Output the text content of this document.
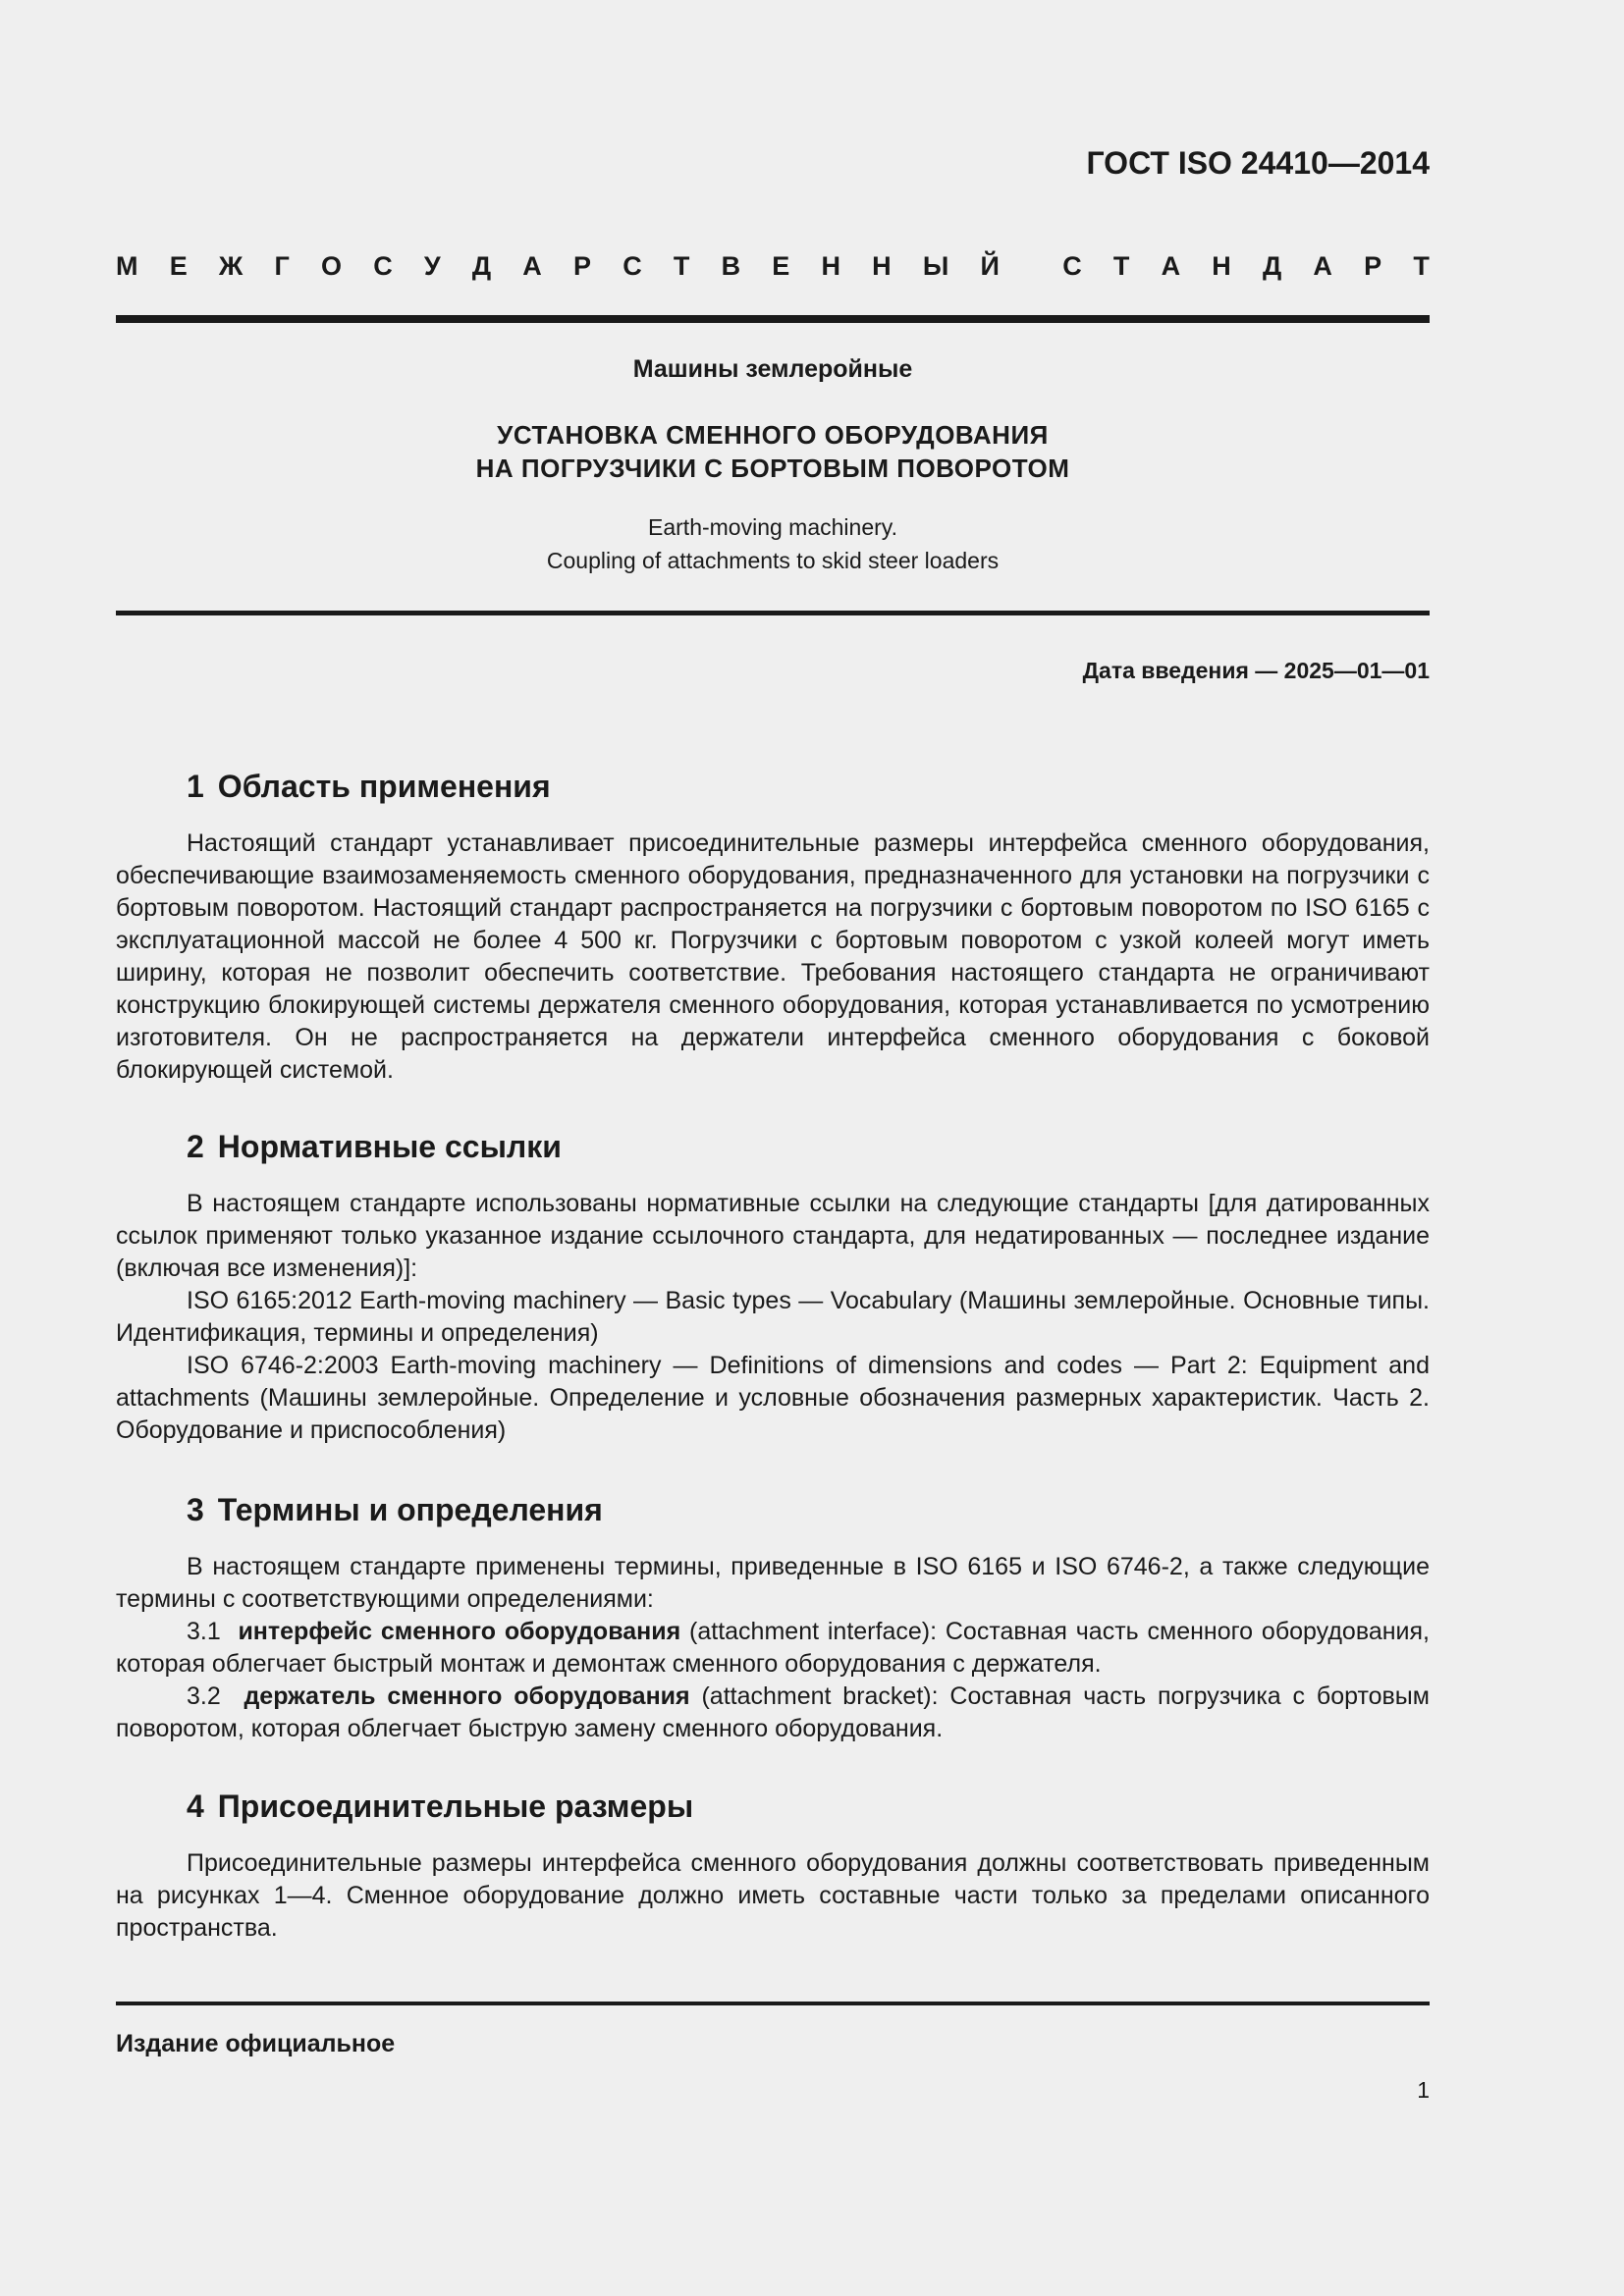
ГОСТ ISO 24410—2014
М Е Ж Г О С У Д А Р С Т В Е Н Н Ы Й С Т А Н Д А Р Т
Машины землеройные
УСТАНОВКА СМЕННОГО ОБОРУДОВАНИЯ
НА ПОГРУЗЧИКИ С БОРТОВЫМ ПОВОРОТОМ
Earth-moving machinery.
Coupling of attachments to skid steer loaders
Дата введения — 2025—01—01
1 Область применения

Настоящий стандарт устанавливает присоединительные размеры интерфейса сменного оборудования, обеспечивающие взаимозаменяемость сменного оборудования, предназначенного для установки на погрузчики с бортовым поворотом. Настоящий стандарт распространяется на погрузчики с бортовым поворотом по ISO 6165 с эксплуатационной массой не более 4 500 кг. Погрузчики с бортовым поворотом с узкой колеей могут иметь ширину, которая не позволит обеспечить соответствие. Требования настоящего стандарта не ограничивают конструкцию блокирующей системы держателя сменного оборудования, которая устанавливается по усмотрению изготовителя. Он не распространяется на держатели интерфейса сменного оборудования с боковой блокирующей системой.

2 Нормативные ссылки

В настоящем стандарте использованы нормативные ссылки на следующие стандарты [для датированных ссылок применяют только указанное издание ссылочного стандарта, для недатированных — последнее издание (включая все изменения)]:

ISO 6165:2012 Earth-moving machinery — Basic types — Vocabulary (Машины землеройные. Основные типы. Идентификация, термины и определения)

ISO 6746-2:2003 Earth-moving machinery — Definitions of dimensions and codes — Part 2: Equipment and attachments (Машины землеройные. Определение и условные обозначения размерных характеристик. Часть 2. Оборудование и приспособления)

3 Термины и определения

В настоящем стандарте применены термины, приведенные в ISO 6165 и ISO 6746-2, а также следующие термины с соответствующими определениями:

3.1 интерфейс сменного оборудования (attachment interface): Составная часть сменного оборудования, которая облегчает быстрый монтаж и демонтаж сменного оборудования с держателя.

3.2 держатель сменного оборудования (attachment bracket): Составная часть погрузчика с бортовым поворотом, которая облегчает быструю замену сменного оборудования.

4 Присоединительные размеры

Присоединительные размеры интерфейса сменного оборудования должны соответствовать приведенным на рисунках 1—4. Сменное оборудование должно иметь составные части только за пределами описанного пространства.

Издание официальное
1
